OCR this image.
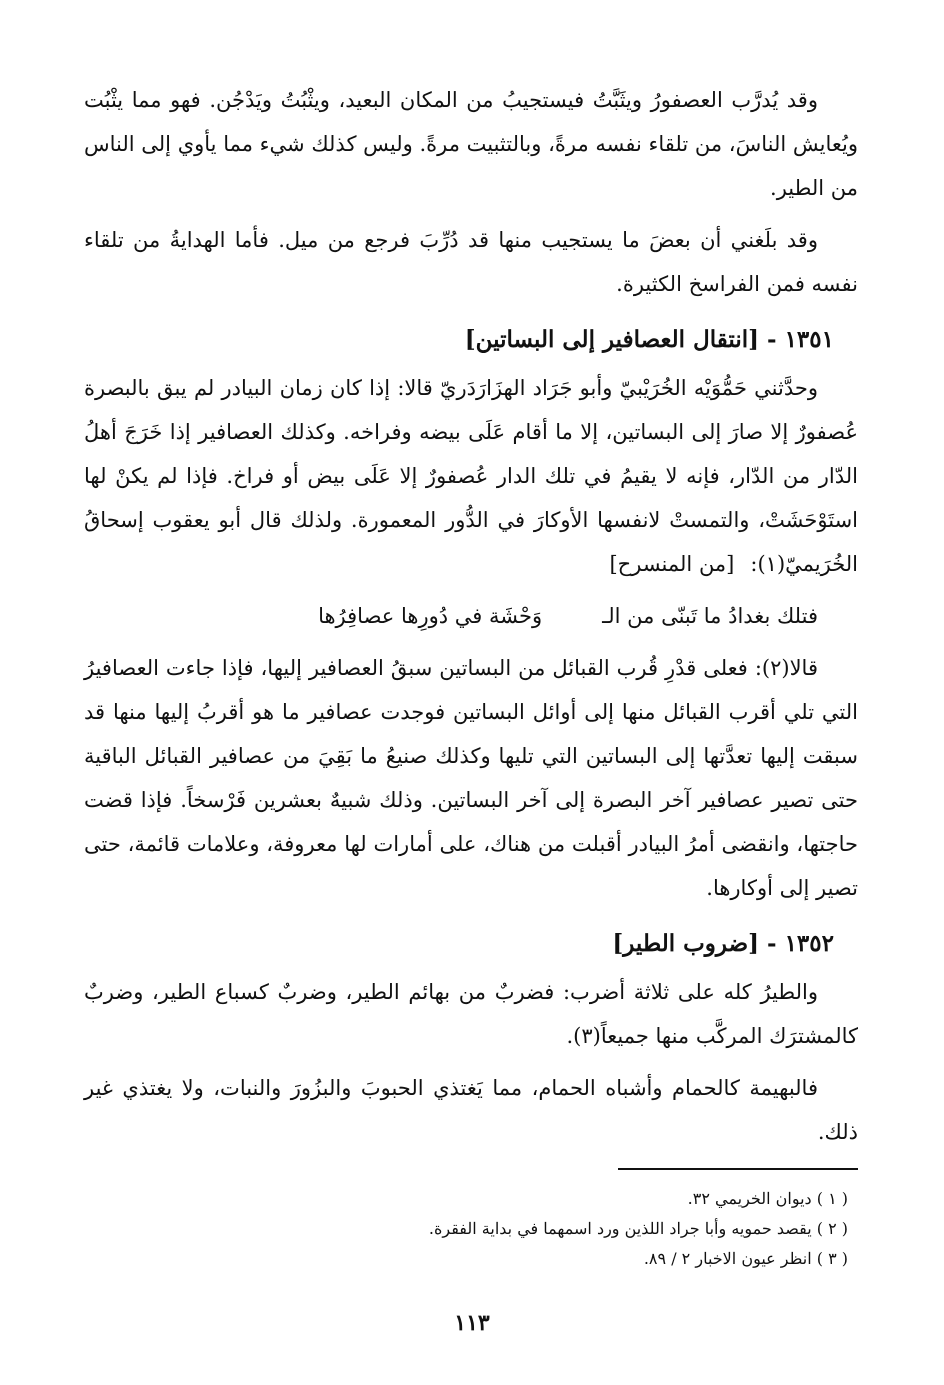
وقد يُدرَّب العصفورُ ويثَبَّتُ فيستجيبُ من المكان البعيد، ويثْبُتُ ويَدْجُن. فهو مما يثْبُت ويُعايش الناسَ، من تلقاء نفسه مرةً، وبالتثبيت مرةً. وليس كذلك شيء مما يأوي إلى الناس من الطير.

وقد بلَغني أن بعضَ ما يستجيب منها قد دُرِّبَ فرجع من ميل. فأما الهدايةُ من تلقاء نفسه فمن الفراسخ الكثيرة.

١٣٥١ - [انتقال العصافير إلى البساتين]

وحدَّثني حَمُّوَيْه الخُرَيْبيّ وأبو جَرَاد الهزَارَدَريّ قالا: إذا كان زمان البيادر لم يبق بالبصرة عُصفورٌ إلا صارَ إلى البساتين، إلا ما أقام عَلَى بيضه وفراخه. وكذلك العصافير إذا خَرَجَ أهلُ الدّار من الدّار، فإنه لا يقيمُ في تلك الدار عُصفورٌ إلا عَلَى بيض أو فراخ. فإذا لم يكنْ لها استَوْحَشَتْ، والتمستْ لانفسها الأوكارَ في الدُّور المعمورة. ولذلك قال أبو يعقوب إسحاقُ الخُرَيميّ(١):[من المنسرح]

فتلك بغدادُ ما تَبنّى من الـ
وَحْشَة في دُورِها عصافِرُها

قالا(٢): فعلى قدْرِ قُرب القبائل من البساتين سبقُ العصافير إليها، فإذا جاءت العصافيرُ التي تلي أقرب القبائل منها إلى أوائل البساتين فوجدت عصافير ما هو أقربُ إليها منها قد سبقت إليها تعدَّتها إلى البساتين التي تليها وكذلك صنيعُ ما بَقِيَ من عصافير القبائل الباقية حتى تصير عصافير آخر البصرة إلى آخر البساتين. وذلك شبيهٌ بعشرين فَرْسخاً. فإذا قضت حاجتها، وانقضى أمرُ البيادر أقبلت من هناك، على أمارات لها معروفة، وعلامات قائمة، حتى تصير إلى أوكارها.

١٣٥٢ - [ضروب الطير]

والطيرُ كله على ثلاثة أضرب: فضربٌ من بهائم الطير، وضربٌ كسباع الطير، وضربٌ كالمشترَك المركَّب منها جميعاً(٣).

فالبهيمة كالحمام وأشباه الحمام، مما يَغتذي الحبوبَ والبزُورَ والنبات، ولا يغتذي غير ذلك.

( ١ ) ديوان الخريمي ٣٢.
( ٢ ) يقصد حمويه وأبا جراد اللذين ورد اسمهما في بداية الفقرة.
( ٣ ) انظر عيون الاخبار ٢ / ٨٩.
١١٣
